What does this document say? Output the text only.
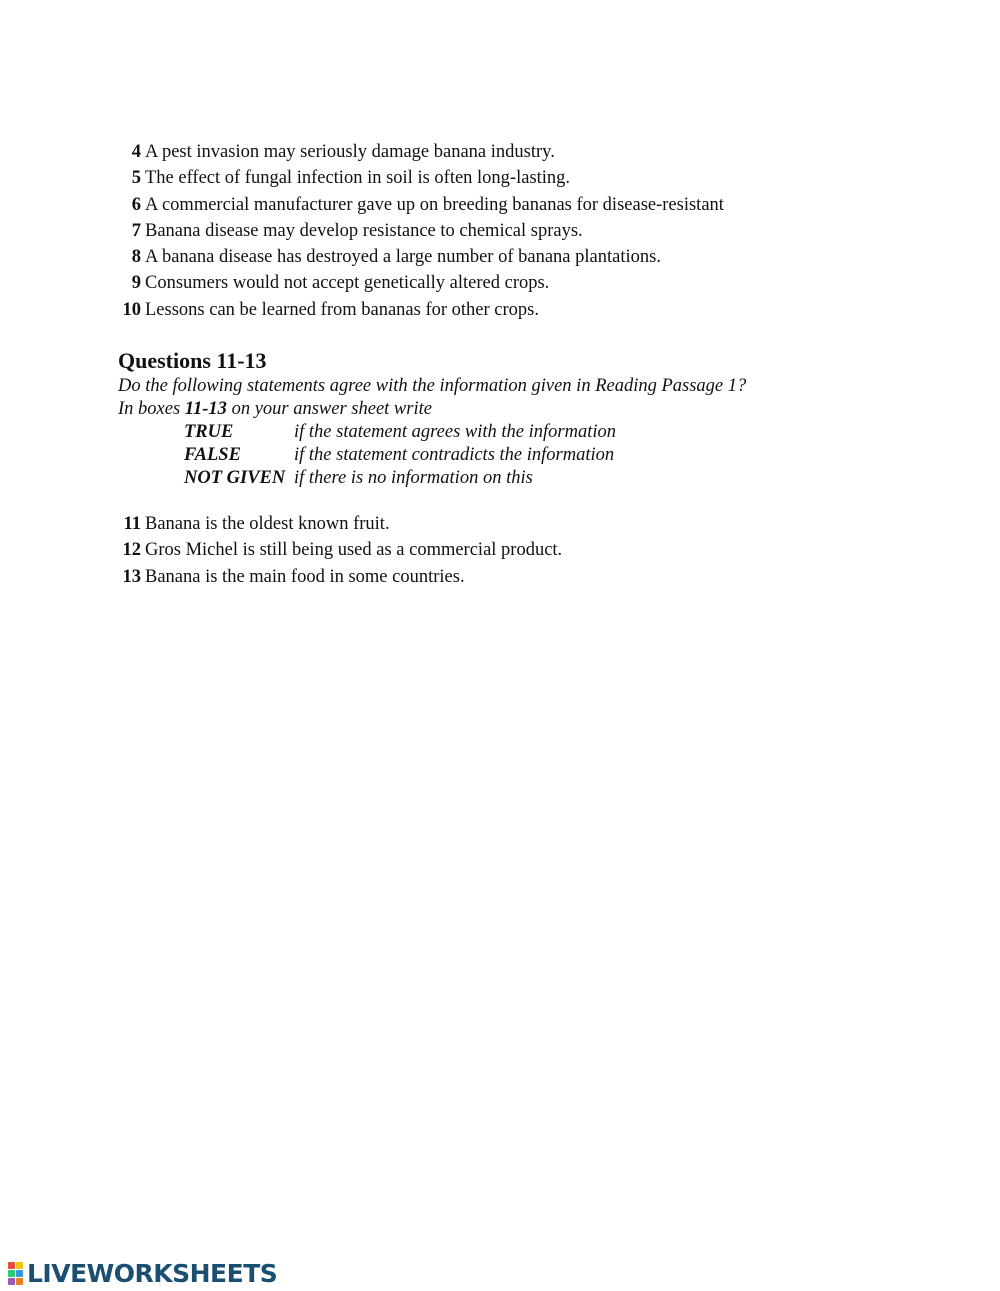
4 A pest invasion may seriously damage banana industry.
5 The effect of fungal infection in soil is often long-lasting.
6 A commercial manufacturer gave up on breeding bananas for disease-resistant
7 Banana disease may develop resistance to chemical sprays.
8 A banana disease has destroyed a large number of banana plantations.
9 Consumers would not accept genetically altered crops.
10 Lessons can be learned from bananas for other crops.
Questions 11-13
Do the following statements agree with the information given in Reading Passage 1?
In boxes 11-13 on your answer sheet write
TRUE	if the statement agrees with the information
FALSE	if the statement contradicts the information
NOT GIVEN if there is no information on this
11 Banana is the oldest known fruit.
12 Gros Michel is still being used as a commercial product.
13 Banana is the main food in some countries.
LIVEWORKSHEETS
